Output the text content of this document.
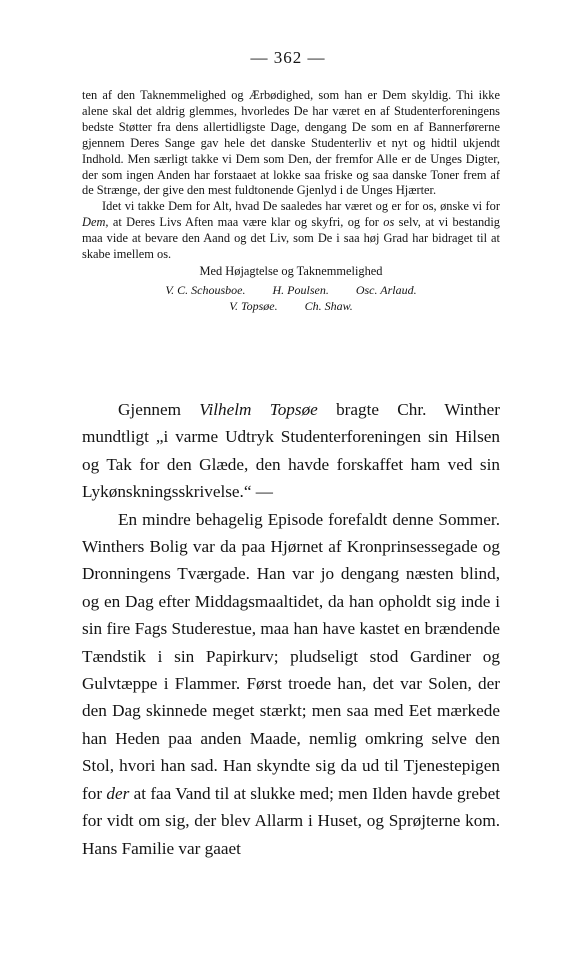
— 362 —

ten af den Taknemmelighed og Ærbødighed, som han er Dem skyldig. Thi ikke alene skal det aldrig glemmes, hvorledes De har været en af Studenterforeningens bedste Støtter fra dens allertidligste Dage, dengang De som en af Bannerførerne gjennem Deres Sange gav hele det danske Studenterliv et nyt og hidtil ukjendt Indhold. Men særligt takke vi Dem som Den, der fremfor Alle er de Unges Digter, der som ingen Anden har forstaaet at lokke saa friske og saa danske Toner frem af de Strænge, der give den mest fuldtonende Gjenlyd i de Unges Hjærter.

Idet vi takke Dem for Alt, hvad De saaledes har været og er for os, ønske vi for Dem, at Deres Livs Aften maa være klar og skyfri, og for os selv, at vi bestandig maa vide at bevare den Aand og det Liv, som De i saa høj Grad har bidraget til at skabe imellem os.

Med Højagtelse og Taknemmelighed

V. C. Schousboe. H. Poulsen. Osc. Arlaud.
V. Topsøe. Ch. Shaw.

Gjennem Vilhelm Topsøe bragte Chr. Winther mundtligt „i varme Udtryk Studenterforeningen sin Hilsen og Tak for den Glæde, den havde forskaffet ham ved sin Lykønskningsskrivelse.“ —

En mindre behagelig Episode forefaldt denne Sommer. Winthers Bolig var da paa Hjørnet af Kronprinsessegade og Dronningens Tværgade. Han var jo dengang næsten blind, og en Dag efter Middagsmaaltidet, da han opholdt sig inde i sin fire Fags Studerestue, maa han have kastet en brændende Tændstik i sin Papirkurv; pludseligt stod Gardiner og Gulvtæppe i Flammer. Først troede han, det var Solen, der den Dag skinnede meget stærkt; men saa med Eet mærkede han Heden paa anden Maade, nemlig omkring selve den Stol, hvori han sad. Han skyndte sig da ud til Tjenestepigen for der at faa Vand til at slukke med; men Ilden havde grebet for vidt om sig, der blev Allarm i Huset, og Sprøjterne kom. Hans Familie var gaaet
